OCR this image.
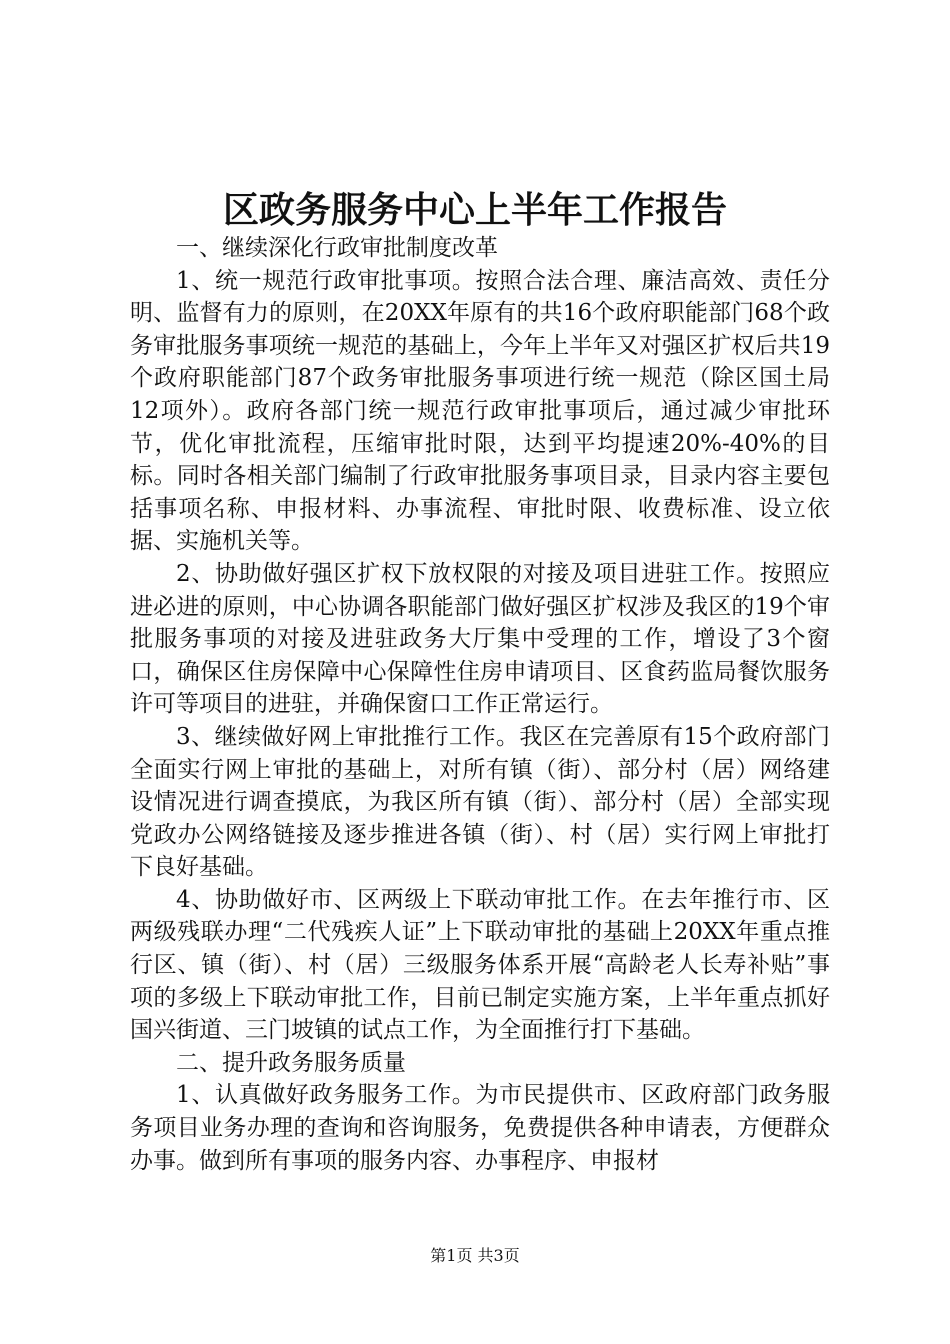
区政务服务中心上半年工作报告

一、继续深化行政审批制度改革

1、统一规范行政审批事项。按照合法合理、廉洁高效、责任分明、监督有力的原则，在20XX年原有的共16个政府职能部门68个政务审批服务事项统一规范的基础上，今年上半年又对强区扩权后共19个政府职能部门87个政务审批服务事项进行统一规范（除区国土局12项外）。政府各部门统一规范行政审批事项后，通过减少审批环节，优化审批流程，压缩审批时限，达到平均提速20%-40%的目标。同时各相关部门编制了行政审批服务事项目录，目录内容主要包括事项名称、申报材料、办事流程、审批时限、收费标准、设立依据、实施机关等。

2、协助做好强区扩权下放权限的对接及项目进驻工作。按照应进必进的原则，中心协调各职能部门做好强区扩权涉及我区的19个审批服务事项的对接及进驻政务大厅集中受理的工作，增设了3个窗口，确保区住房保障中心保障性住房申请项目、区食药监局餐饮服务许可等项目的进驻，并确保窗口工作正常运行。

3、继续做好网上审批推行工作。我区在完善原有15个政府部门全面实行网上审批的基础上，对所有镇（街）、部分村（居）网络建设情况进行调查摸底，为我区所有镇（街）、部分村（居）全部实现党政办公网络链接及逐步推进各镇（街）、村（居）实行网上审批打下良好基础。

4、协助做好市、区两级上下联动审批工作。在去年推行市、区两级残联办理“二代残疾人证”上下联动审批的基础上20XX年重点推行区、镇（街）、村（居）三级服务体系开展“高龄老人长寿补贴”事项的多级上下联动审批工作，目前已制定实施方案，上半年重点抓好国兴街道、三门坡镇的试点工作，为全面推行打下基础。

二、提升政务服务质量

1、认真做好政务服务工作。为市民提供市、区政府部门政务服务项目业务办理的查询和咨询服务，免费提供各种申请表，方便群众办事。做到所有事项的服务内容、办事程序、申报材

第1页 共3页
